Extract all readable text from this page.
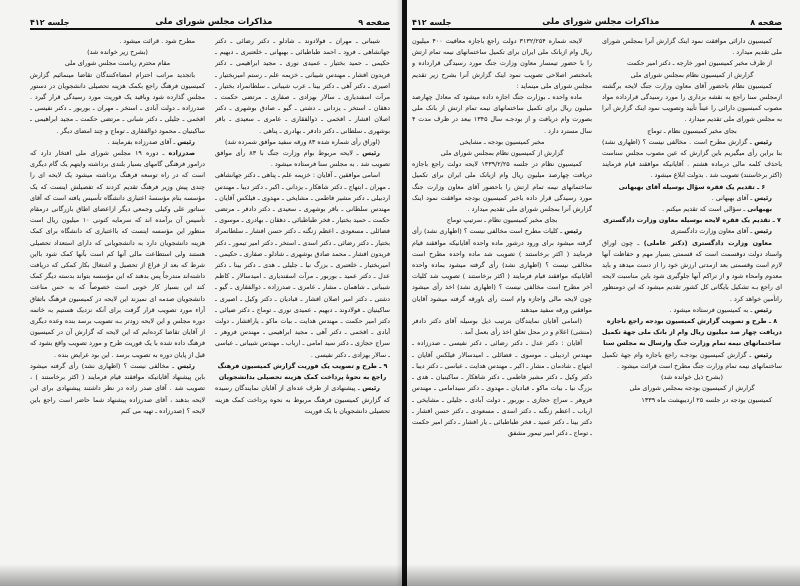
صفحه ۹
مذاکرات مجلس شورای ملی
جلسه ۴۱۲

شیبانی ـ مهران ـ فولادوند ـ شادلو ـ دکتر رضائی ـ دکتر جهانشاهی ـ فرود ـ احمد طباطبائی ـ بهبهانی ـ خلعتبری ـ دبهیم ـ حکیمی ـ حمید بختیار ـ عمیدی نوری ـ مجید ابراهیمی ـ دکتر فریدون افشار ـ مهندس شیبانی ـ خزیمه علم ـ رستم امیربختیار ـ اصیری ـ دکتر آهی ـ دکتر بینا ـ عرب شیبانی ـ سلطانمراد بختیار ـ مرآت اسفندیاری ـ سالار بهزادی ـ صفاری ـ مرتضی حکمت ـ دهقان ـ استخر ـ یزدانی ـ دشتی ـ گیو ـ صادق بوشهری ـ دکتر اصلان افشار ـ افخمی ـ ذوالفقاری ـ عامری ـ سعیدی ـ باقر بوشهری ـ سلطانی ـ دکتر دادفر ـ بهادری ـ پناهی .

(اوراق رأی شماره شده ۸۳ ورقه سفید موافق شمرده شد)

رئیس ـ لایحه مربوط بوام وزارت جنگ با ۸۳ رأی موافق تصویب شد . به مجلس سنا فرستاده میشود .

اسامی موافقین ـ آقایان : خزیمه علم ـ پناهی ـ دکتر جهانشاهی ـ مهران ـ ابتهاج ـ دکتر شاهکار ـ یزدانی ـ اکبر ـ دکتر دیبا ـ مهندس اردبیلی ـ دکتر مشیر فاطمی ـ مشایخی ـ مهدوی ـ فیلکس آقایان ـ مهندس سلطانی ـ باقر بوشهری ـ سعیدی ـ دکتر دادفر ـ مرتضی حکمت ـ حمید بختیار ـ فخر طباطبائی ـ دهقان ـ بهادری ـ موسوی ـ فضائلی ـ مسعودی ـ اعظم زنگنه ـ دکتر حسن افشار ـ سلطانمراد بختیار ـ دکتر رضائی ـ دکتر اسدی ـ استخر ـ دکتر امیر تیمور ـ دکتر فریدون افشار ـ محمد صادق بوشهری ـ شادلو ـ صفاری ـ حکیمی ـ امیربختیار ـ خلعتبری ـ بزرگ نیا ـ جلیلی ـ هدی ـ دکتر بینا ـ دکتر عدل ـ دکتر عمید ـ بوربور ـ مرآت اسفندیاری ـ امیدسالار ـ کاظم شیبانی ـ شاهمان ـ مشار ـ عامری ـ صدرزاده ـ ذوالفقاری ـ گیو ـ دشتی ـ دکتر امیر اصلان افشار ـ قبادیان ـ دکتر وکیل ـ اصیری ـ ساکینیان ـ فولادوند ـ دبهیم ـ عمیدی نوری ـ توماج ـ دکتر ضیائی ـ دکتر امیر حکمت ـ مهندس هدایت ـ بیات ماکو ـ یارافشار ـ دولت آبادی ـ افخمی ـ دکتر آهی ـ مجید ابراهیمی ـ مهندس فروهر ـ سراج حجازی ـ دکتر سید امامی ـ ارباب ـ مهندس شیبانی ـ عباسی ـ سالار بهزادی ـ دکتر نفیسی .

۹ ـ طرح و تصویب یک فوریت گزارش کمیسیون فرهنگ راجع به نحوهٔ پرداخت کمک هزینه تحصیلی بدانشجویان

رئیس ـ پیشنهادی از طرف عده‌ای از آقایان نمایندگان رسیده که گزارش کمیسیون فرهنگ مربوط به نحوه پرداخت کمک هزینه تحصیلی دانشجویان با یک فوریت

مطرح شود . قرائت میشود .

(بشرح زیر خوانده شد)

مقام محترم ریاست مجلس شورای ملی

باتجدید مراتب احترام امضاءکنندگان تقاضا مینمائیم گزارش کمیسیون فرهنگ راجع بکمک هزینه تحصیلی دانشجویان در دستور مجلس گذارده شود وباقید یک فوریت مورد رسیدگی قرار گیرد . صدرزاده ـ دولت آبادی ـ استخر ـ مهران ـ بوربور ـ دکتر نفیسی ـ افخمی ـ جلیلی ـ دکتر شبانی ـ مرتضی حکمت ـ مجید ابراهیمی ـ ساکینیان ـ محمود ذوالفقاری ـ توماج و چند امضای دیگر .

رئیس ـ آقای صدرزاده بفرمایند .

صدرزاده ـ دوره ۱۹ مجلس شورای ملی افتخار دارد که درامور فرهنگی گامهای بسیار بلندی برداشته وایتهم یک گام دیگری است که در راه توسعه فرهنگ برداشته میشود یک لایحه ای را چندی پیش وزیر فرهنگ تقدیم کردند که تفصیلش اینست که یک مؤسسه بنام مؤسسهٔ اعتباری دانشگاه تأسیس یافته است که آقای سناتور علی وکیلی وجمعی دیگر ازاعضای اطاق بازرگانی درمقام تأسیس آن برآمده اند که سرمایه کنونی ۱۰ میلیون ریال است منظور این مؤسسه اینست که بااعتباری که دانشگاه برای کمک هزینه دانشجویان دارد به دانشجویانی که دارای استعداد تحصیلی هستند ولی استطاعت مالی آنها کم است بآنها کمک شود بااین شرط که بعد از فراغ از تحصیل و اشتغال بکار کمکی که دریافت داشته‌اند مندرجاً پس بدهند که این مؤسسه بتواند بدسته دیگر کمک کند این بسیار کار خوبی است خصوصاً که به حس مناعت دانشجویان صدمه ای نمیزند این لایحه در کمیسیون فرهنگ باتفاق آراء مورد تصویب قرار گرفت برای آنکه نزدیک هستیم به خاتمه دوره مجلس و این لایحه زودتر بـه تصویب برسد بنده وعده دیگری از آقایان تقاضا کرده‌ایم که این لایحه که گزارش آن در کمیسیون فرهنگ داده شده با یک فوریت طرح و مورد تصویب واقع بشود که قبل از پایان دوره به تصویب برسد . این بود عرایض بنده .

رئیس ـ مخالفی نیست ؟ (اظهاری نشد) رأی گرفته میشود باین پیشنهاد آقایانیکه موافقند قیام فرمایند ( اکثر برخاستند ) ، تصویب شد . آقای صدر زاده در نظر داشتند پیشنهادی برای این لایحه بدهند ، آقای صدرزاده پیشنهاد شما حاضر است راجع باین لایحه ؟ (صدرزاده ـ تهیه می کنم

صفحه ۸
مذاکرات مجلس شورای ملی
جلسه ۴۱۲

کمیسیون دارائی موافقت نمود اینک گزارش آنرا بمجلس شورای ملی تقدیم میدارد .

از طرف مخبر کمیسیون امور خارجه ـ دکتر امیر حکمت

گزارش از کمیسیون نظام بمجلس شورای ملی

کمیسیون نظام باحضور آقای معاون وزارت جنگ لایحه برگشته ازمجلس سنا راجع به نقشه برداری را مورد رسیدگی قرارداده مواد مصوب کمیسیون دارائی را عیناً تأیید وتصویب نمود اینک گزارش آنرا به مجلس شورای ملی تقدیم میدارد .

بجای مخبر کمیسیون نظام ـ توماج

رئیس ـ گزارش مطرح است . مخالفی نیست ؟ (اظهاری نشد) بنا براین رأی میگیریم باین گزارش که عین مصوب مجلس سناست باحذف کلمه مالی درماده هشتم . آقایانیکه موافقند قیام فرمایند (اکثر برخاستند) تصویب شد . بدولت ابلاغ میشود .

۶ ـ تقدیم یک فقره سؤال بوسیله آقای بهبهانی

رئیس ـ آقای بهبهانی .

بهبهانی ـ سؤالی است که تقدیم میکنم .

۷ ـ تقدیم یک فقره لایحه بوسیله معاون وزارت دادگستری

رئیس ـ آقای معاون وزارت دادگستری

معاون وزارت دادگستری (دکتر عاملی) ـ چون اوراق واسناد دولت دوقسمت است که قسمتی بسیار مهم و حفاظت آنها لازم است وقسمتی بعد ازمدتی ارزش خود را از دست میدهد و باید معدوم وامحاء شود و از تراکم آنها جلوگیری شود باین مناسبت لایحه ای راجع بـه تشکیل بایگانی کل کشور تقدیم میشود که این دومنظور راتأمین خواهد کرد .

رئیس ـ به کمیسیون فرستاده میشود .

۸ ـ طرح و تصویب گزارش کمیسیون بودجه راجع باجازه دریافت چهار صد میلیون ریال وام از بانک ملی جهة تکمیل ساختمانهای نیمه تمام وزارت جنگ وارسال به مجلس سنا

رئیس ـ گزارش کمیسیون بودجـه راجع باجازه وام جهة تکمیل ساختمانهای نیمه تمام وزارت جنگ مطرح است قرائت میشود .

(بشرح ذیل خوانده شد)

گزارش از کمیسیون بودجه بمجلس شورای ملی

کمیسیون بودجه در جلسه ۲۵ اردیبهشت ماه ۱۳۳۹

لایحه شماره ۳۱۳۲/۲۵۴ دولت راجع باجازه معافیت ۴۰۰ میلیون ریال وام ازبانک ملی ایران برای تکمیل ساختمانهای نیمه تمام ارتش را با حضور تیمسار معاون وزارت جنگ مورد رسیدگی قرارداده و بامختصر اصلاحی تصویب نمود اینک گزارش آنرا بشرح زیر تقدیم مجلس شورای ملی مینماید :

ماده واحده ـ بوزارت جنگ اجازه داده میشود که معادل چهارصد میلیون ریال برای تکمیل ساختمانهای نیمه تمام ارتش از بانک ملی بصورت وام دریافت و از بودجـه سال ۱۳۴۵ ببعد در ظرف مدت ۴ سال مسترد دارد .

مخبر کمیسیون بودجه ـ مشایخی

گزارش از کمیسیون نظام بمجلس شورای ملی

کمیسیون نظام در جلسه ۱۳۳۹/۲/۲۵ لایحه دولت راجع باجازه دریافت چهارصد میلیون ریال وام ازبانک ملی ایران برای تکمیل ساختمانهای نیمه تمام ارتش را باحضور آقای معاون وزارت جنگ مورد رسیدگی قرار داده باخبر کمیسیون بودجه موافقت نمود اینک گزارش آنرا بمجلس شورای ملی تقدیم میدارد .

بجای مخبر کمیسیون نظام ـ سرتیپ توماج

رئیس ـ کلیات مطرح است مخالفی نیست ؟ (اظهاری نشد) رأی گرفته میشود برای ورود درشور ماده واحده آقایانیکه موافقند قیام فرمایند ( اکثر برخاستند ) تصویب شد ماده واحده مطرح است مخالفی نیست ؟ (اظهاری نشد) رأی گرفته میشود بماده واحده آقایانیکه موافقند قیام فرمایند ( اکثر برخاستند ) تصویب شد کلیات آخر مطرح است مخالفی نیست ؟ (اظهاری نشد) اخذ رأی میشود چون لایحه مالی واجازه وام است رأی باورقه گرفته میشود آقایان موافقین ورقه سفید میدهند

(اسامی آقایان نمایندگان بترتیب ذیل بوسیله آقای دکتر دادفر (منشی) اعلام و در محل تعلق اخذ رأی بعمل آمد .

آقایان : دکتر عدل ـ دکتر رضائی ـ دکتر نفیسی ـ صدرزاده ـ مهندس اردبیلی ـ موسوی ـ فضائلی ـ امیدسالار فیلکس آقایان ـ ابتهاج ـ شادمان ـ مشار ـ اکبر ـ مهندس هدایت ـ عباسی ـ دکتر دیبا ـ دکتر وکیل ـ دکتر مشیر فاطمی ـ دکتر شاهکار ـ ساکینیان ـ هدی ـ بزرگ نیا ـ بیات ماکو ـ قبادیان ـ مهدوی ـ دکتر سیدامامی ـ مهندس فروهر ـ سراج حجازی ـ بوربور ـ دولت آبادی ـ جلیلی ـ مشایخی ـ ارباب ـ اعظم زنگنه ـ دکتر اسدی ـ مسعودی ـ دکتر حسن افشار ـ دکتر بینا ـ دکتر عمید ـ فخر طباطبائی ـ یار افشار ـ دکتر امیر حکمت ـ توماج ـ دکتر امیر تیمور مشفق
